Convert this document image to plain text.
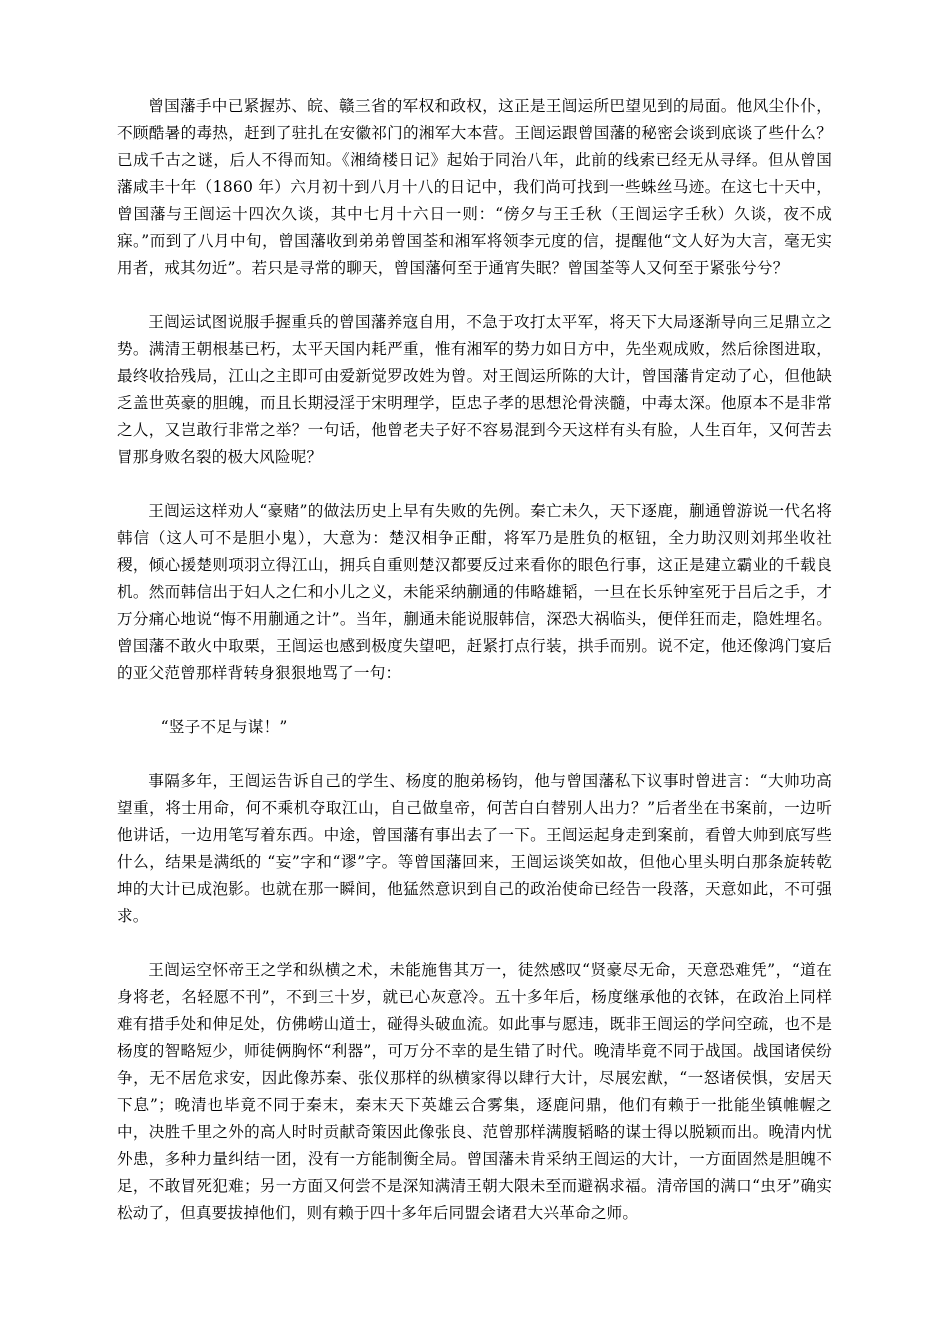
曾国藩手中已紧握苏、皖、赣三省的军权和政权，这正是王闿运所巴望见到的局面。他风尘仆仆，不顾酷暑的毒热，赶到了驻扎在安徽祁门的湘军大本营。王闿运跟曾国藩的秘密会谈到底谈了些什么？已成千古之谜，后人不得而知。《湘绮楼日记》起始于同治八年，此前的线索已经无从寻绎。但从曾国藩咸丰十年（1860 年）六月初十到八月十八的日记中，我们尚可找到一些蛛丝马迹。在这七十天中，曾国藩与王闿运十四次久谈，其中七月十六日一则：“傍夕与王壬秋（王闿运字壬秋）久谈，夜不成寐。”而到了八月中旬，曾国藩收到弟弟曾国荃和湘军将领李元度的信，提醒他“文人好为大言，毫无实用者，戒其勿近”。若只是寻常的聊天，曾国藩何至于通宵失眠？曾国荃等人又何至于紧张兮兮？

王闿运试图说服手握重兵的曾国藩养寇自用，不急于攻打太平军，将天下大局逐渐导向三足鼎立之势。满清王朝根基已朽，太平天国内耗严重，惟有湘军的势力如日方中，先坐观成败，然后徐图进取，最终收拾残局，江山之主即可由爱新觉罗改姓为曾。对王闿运所陈的大计，曾国藩肯定动了心，但他缺乏盖世英豪的胆魄，而且长期浸淫于宋明理学，臣忠子孝的思想沦骨浃髓，中毒太深。他原本不是非常之人，又岂敢行非常之举？一句话，他曾老夫子好不容易混到今天这样有头有脸，人生百年，又何苦去冒那身败名裂的极大风险呢？

王闿运这样劝人“豪赌”的做法历史上早有失败的先例。秦亡未久，天下逐鹿，蒯通曾游说一代名将韩信（这人可不是胆小鬼），大意为：楚汉相争正酣，将军乃是胜负的枢钮，全力助汉则刘邦坐收社稷，倾心援楚则项羽立得江山，拥兵自重则楚汉都要反过来看你的眼色行事，这正是建立霸业的千载良机。然而韩信出于妇人之仁和小儿之义，未能采纳蒯通的伟略雄韬，一旦在长乐钟室死于吕后之手，才万分痛心地说“悔不用蒯通之计”。当年，蒯通未能说服韩信，深恐大祸临头，便佯狂而走，隐姓埋名。曾国藩不敢火中取栗，王闿运也感到极度失望吧，赶紧打点行装，拱手而别。说不定，他还像鸿门宴后的亚父范曾那样背转身狠狠地骂了一句：

“竖子不足与谋！”

事隔多年，王闿运告诉自己的学生、杨度的胞弟杨钧，他与曾国藩私下议事时曾进言：“大帅功高望重，将士用命，何不乘机夺取江山，自己做皇帝，何苦白白替别人出力？”后者坐在书案前，一边听他讲话，一边用笔写着东西。中途，曾国藩有事出去了一下。王闿运起身走到案前，看曾大帅到底写些什么，结果是满纸的 “妄”字和“谬”字。等曾国藩回来，王闿运谈笑如故，但他心里头明白那条旋转乾坤的大计已成泡影。也就在那一瞬间，他猛然意识到自己的政治使命已经告一段落，天意如此，不可强求。

王闿运空怀帝王之学和纵横之术，未能施售其万一，徒然感叹“贤豪尽无命，天意恐难凭”，“道在身将老，名轻愿不刊”，不到三十岁，就已心灰意冷。五十多年后，杨度继承他的衣钵，在政治上同样难有措手处和伸足处，仿佛崂山道士，碰得头破血流。如此事与愿违，既非王闿运的学问空疏，也不是杨度的智略短少，师徒俩胸怀“利器”，可万分不幸的是生错了时代。晚清毕竟不同于战国。战国诸侯纷争，无不居危求安，因此像苏秦、张仪那样的纵横家得以肆行大计，尽展宏猷，“一怒诸侯惧，安居天下息”；晚清也毕竟不同于秦末，秦末天下英雄云合雾集，逐鹿问鼎，他们有赖于一批能坐镇帷幄之中，决胜千里之外的高人时时贡献奇策因此像张良、范曾那样满腹韬略的谋士得以脱颖而出。晚清内忧外患，多种力量纠结一团，没有一方能制衡全局。曾国藩未肯采纳王闿运的大计，一方面固然是胆魄不足，不敢冒死犯难；另一方面又何尝不是深知满清王朝大限未至而避祸求福。清帝国的满口“虫牙”确实松动了，但真要拔掉他们，则有赖于四十多年后同盟会诸君大兴革命之师。
